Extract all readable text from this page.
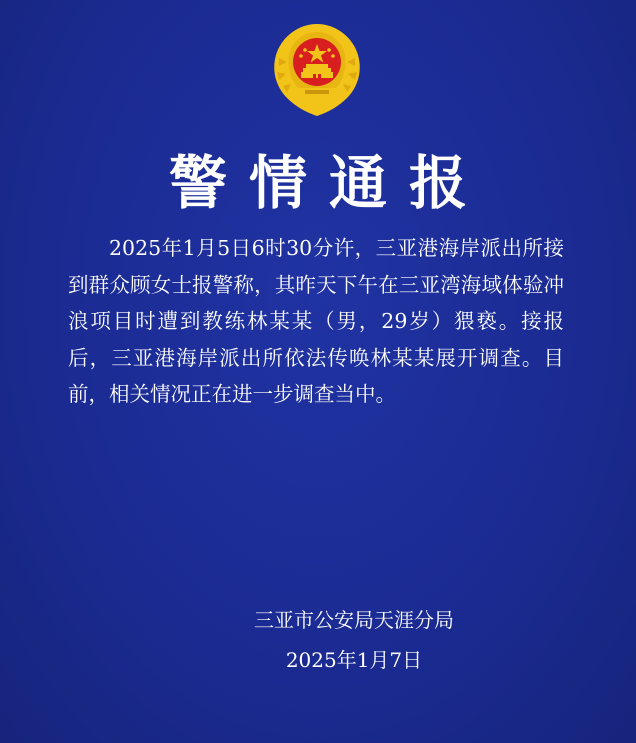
警情通报

2025年1月5日6时30分许，三亚港海岸派出所接到群众顾女士报警称，其昨天下午在三亚湾海域体验冲浪项目时遭到教练林某某（男，29岁）猥亵。接报后，三亚港海岸派出所依法传唤林某某展开调查。目前，相关情况正在进一步调查当中。

三亚市公安局天涯分局
2025年1月7日
